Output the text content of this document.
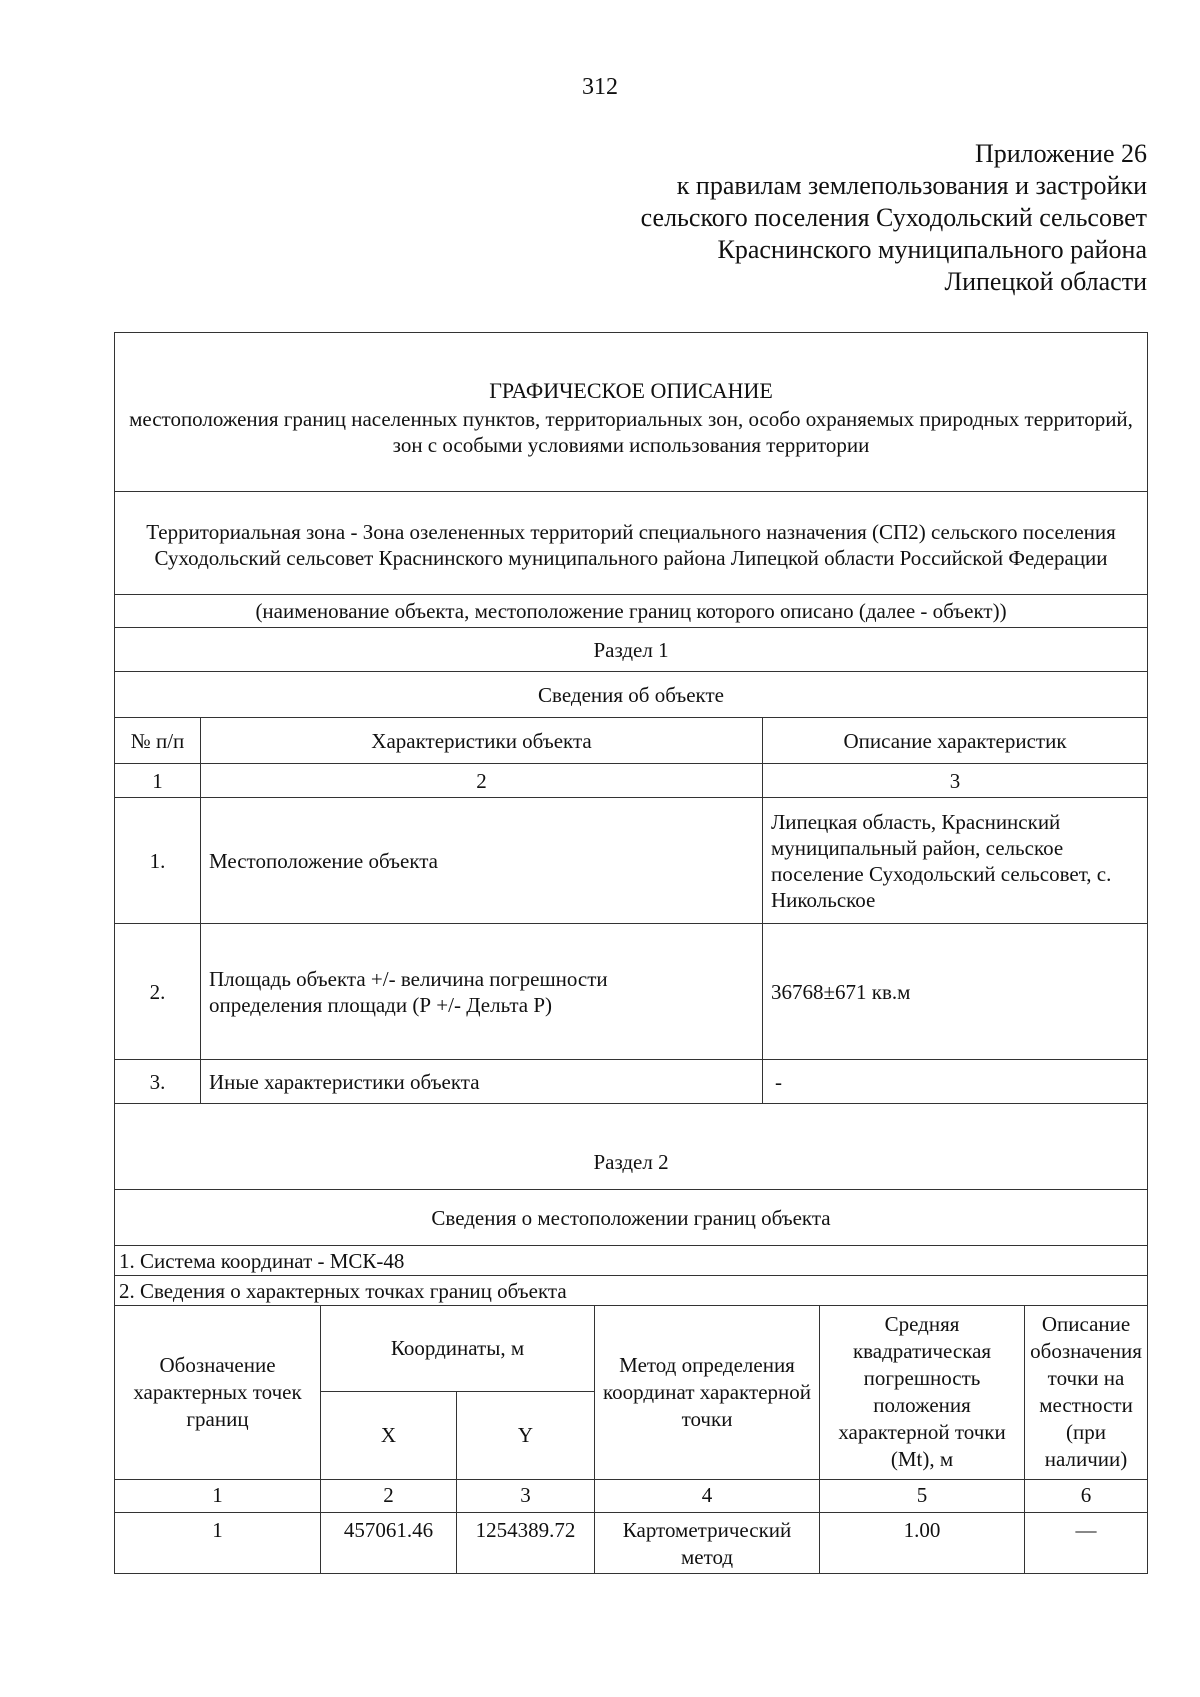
312
Приложение 26
к правилам землепользования и застройки
сельского поселения Суходольский сельсовет
Краснинского муниципального района
Липецкой области
ГРАФИЧЕСКОЕ ОПИСАНИЕ
местоположения границ населенных пунктов, территориальных зон, особо охраняемых природных территорий, зон с особыми условиями использования территории		

Территориальная зона - Зона озелененных территорий специального назначения (СП2) сельского поселения Суходольский сельсовет Краснинского муниципального района Липецкой области Российской Федерации		
(наименование объекта, местоположение границ которого описано (далее - объект))		
Раздел 1		
Сведения об объекте		
№ п/п	Характеристики объекта	Описание характеристик
1	2	3
1.	Местоположение объекта	Липецкая область, Краснинский муниципальный район, сельское поселение Суходольский сельсовет, с. Никольское
2.	Площадь объекта +/- величина погрешности определения площади (Р +/- Дельта Р)	36768±671 кв.м
3.	Иные характеристики объекта	-
Раздел 2		
Сведения о местоположении границ объекта		
1. Система координат - МСК-48		
2. Сведения о характерных точках границ объекта		
Обозначение характерных точек границ	Координаты, м		Метод определения координат характерной точки	Средняя квадратическая погрешность положения характерной точки (Mt), м	Описание обозначения точки на местности (при наличии)
	X	Y			
1	2	3	4	5	6
1	457061.46	1254389.72	Картометрический метод	1.00	—
